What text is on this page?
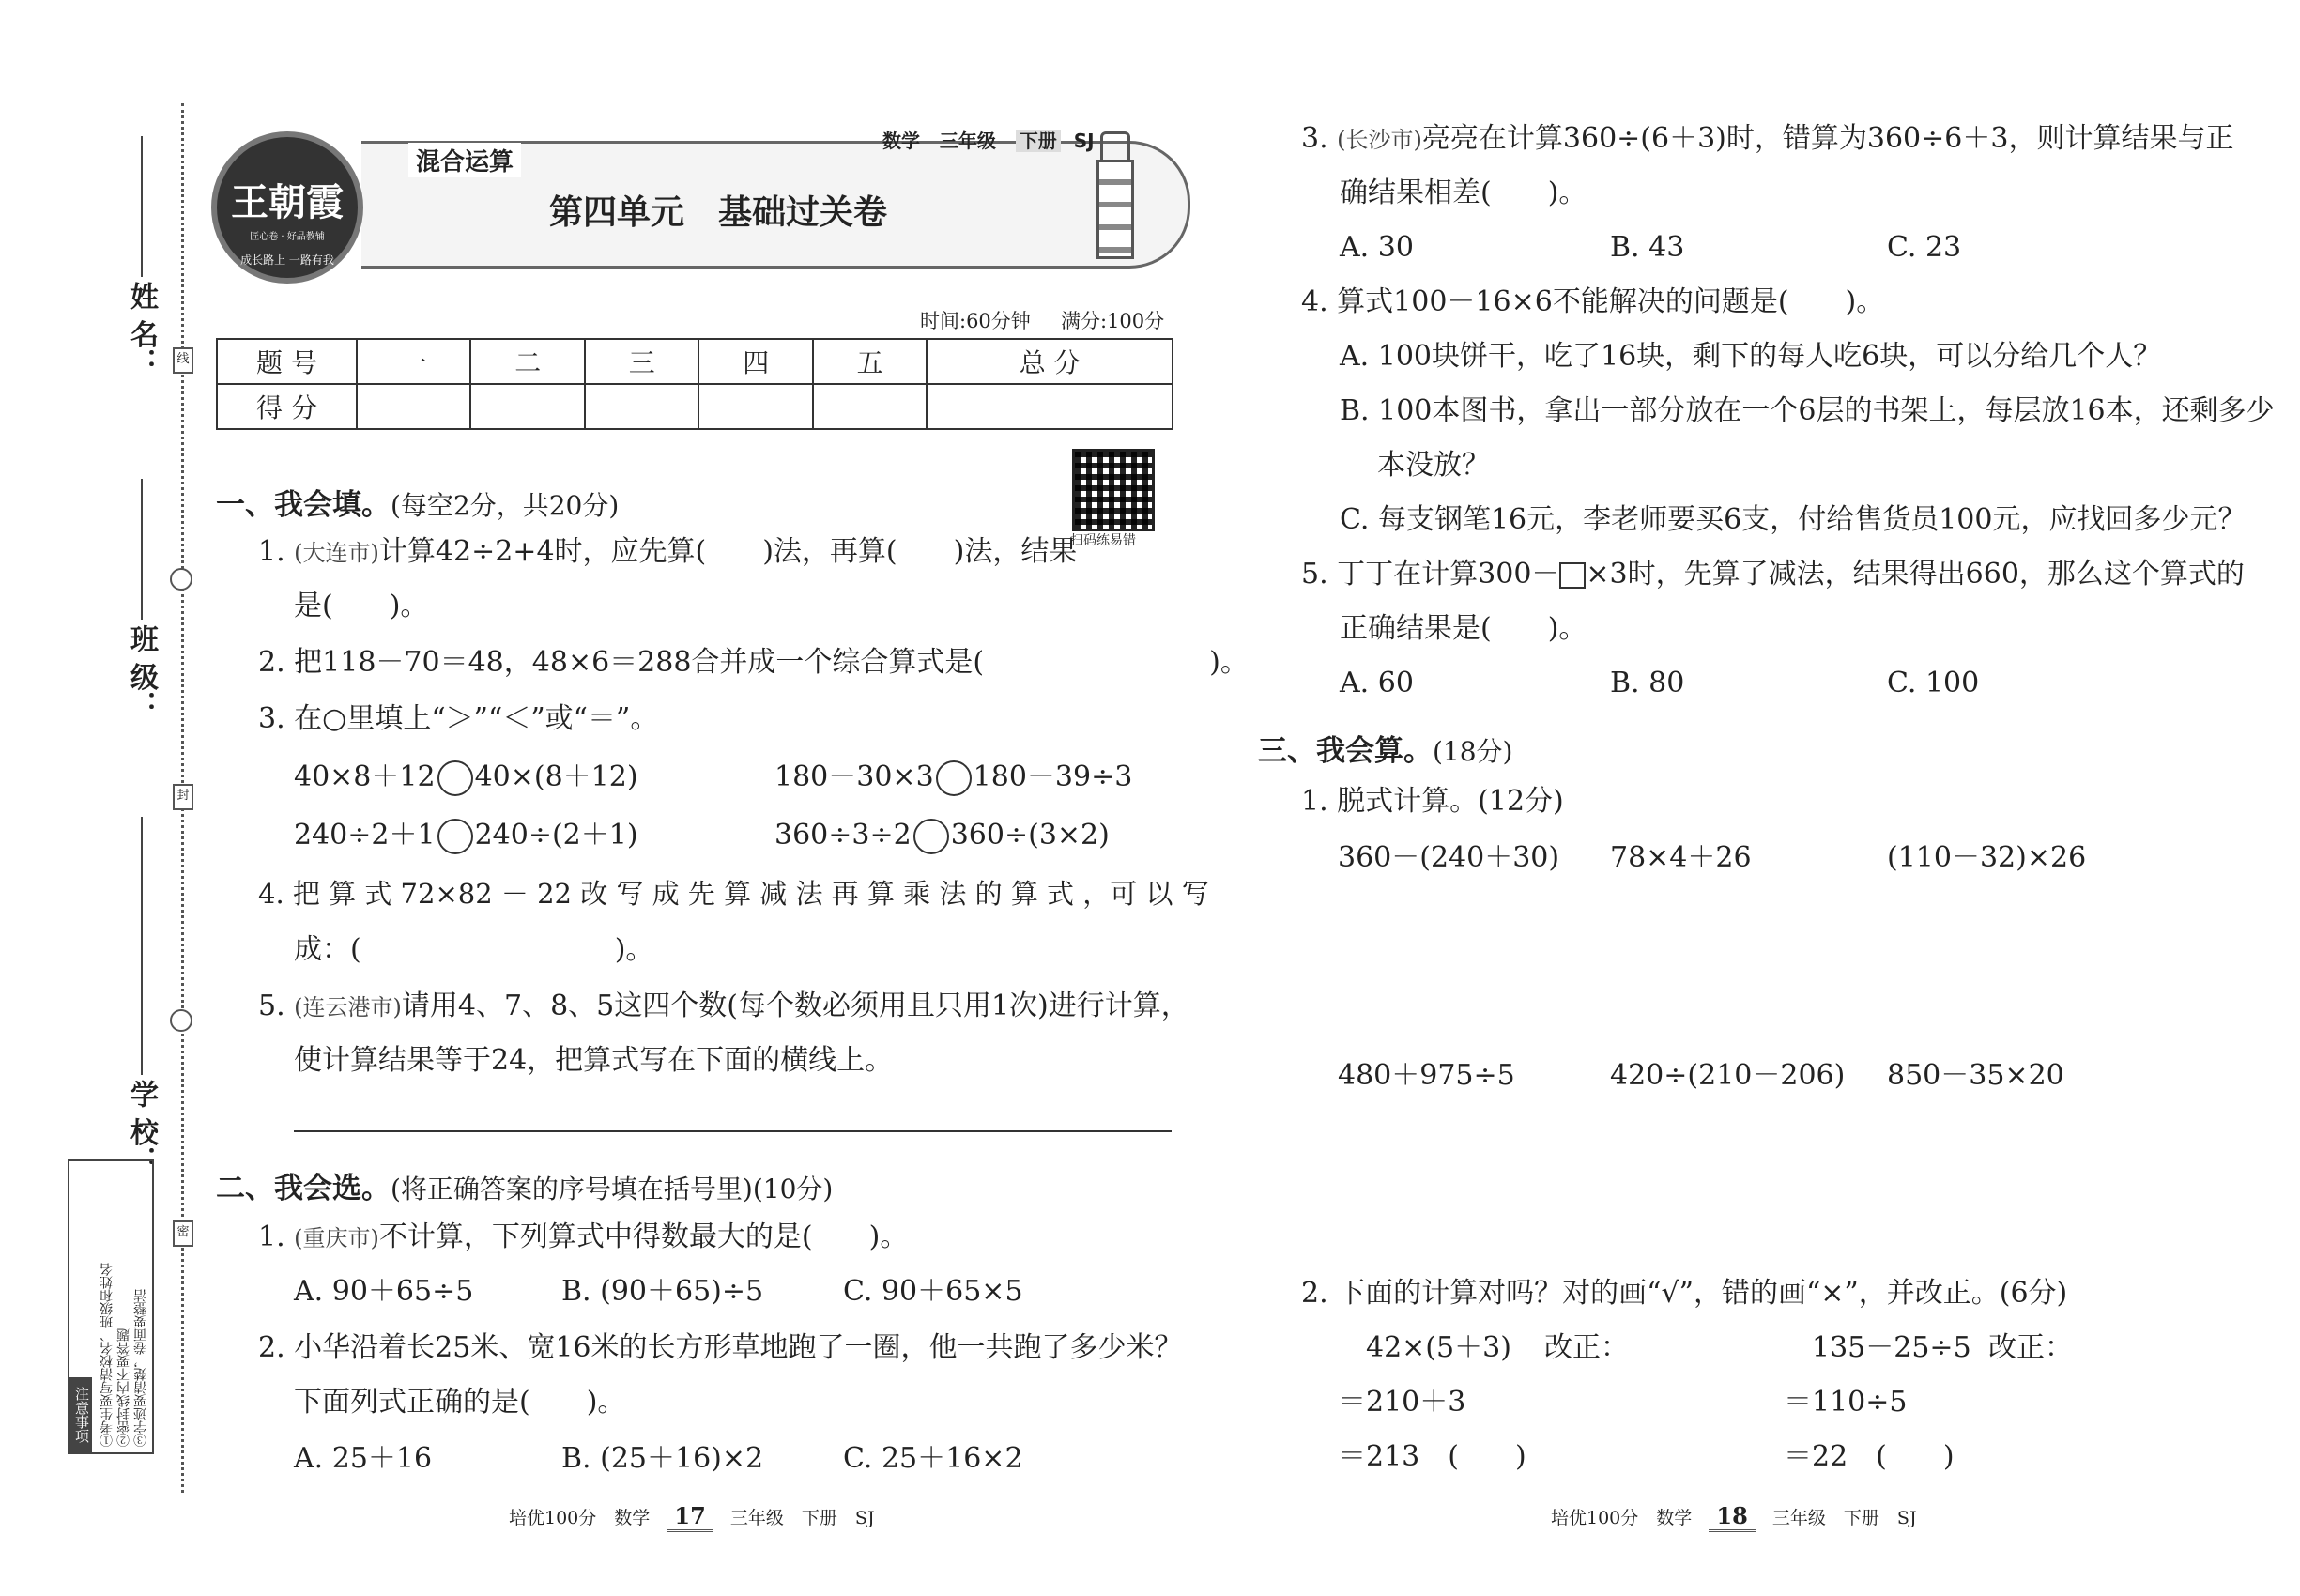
姓 名：
班 级：
学 校：
线
封
密
注意事项 ①考生要写清校名、班级和姓名 ②密封线内不要答题 ③字迹要清楚，卷面要整洁
王朝霞
匠心卷 · 好品教辅
成长路上 一路有我
混合运算
数学 三年级 下册 SJ
第四单元　基础过关卷
时间:60分钟 满分:100分
题 号	一	二	三	四	五	总 分
得 分						
扫码练易错
一、我会填。(每空2分，共20分)
1. (大连市)计算42÷2+4时，应先算(　　)法，再算(　　)法，结果
是(　　)。
2. 把118－70＝48，48×6＝288合并成一个综合算式是(　　　　　　　　)。
3. 在○里填上“＞”“＜”或“＝”。
40×8＋12 40×(8＋12)	180－30×3 180－39÷3
240÷2＋1 240÷(2＋1)	360÷3÷2 360÷(3×2)
4. 把 算 式 72×82 － 22 改 写 成 先 算 减 法 再 算 乘 法 的 算 式 ，可 以 写
成：(　　　　　　　　　)。
5. (连云港市)请用4、7、8、5这四个数(每个数必须用且只用1次)进行计算，
使计算结果等于24，把算式写在下面的横线上。
二、我会选。(将正确答案的序号填在括号里)(10分)
1. (重庆市)不计算，下列算式中得数最大的是(　　)。
A. 90＋65÷5	B. (90＋65)÷5	C. 90＋65×5
2. 小华沿着长25米、宽16米的长方形草地跑了一圈，他一共跑了多少米？
下面列式正确的是(　　)。
A. 25＋16	B. (25＋16)×2	C. 25＋16×2
3. (长沙市)亮亮在计算360÷(6＋3)时，错算为360÷6＋3，则计算结果与正
确结果相差(　　)。
A. 30	B. 43	C. 23
4. 算式100－16×6不能解决的问题是(　　)。
A. 100块饼干，吃了16块，剩下的每人吃6块，可以分给几个人？
B. 100本图书，拿出一部分放在一个6层的书架上，每层放16本，还剩多少
本没放？
C. 每支钢笔16元，李老师要买6支，付给售货员100元，应找回多少元？
5. 丁丁在计算300－ ×3时，先算了减法，结果得出660，那么这个算式的
正确结果是(　　)。
A. 60	B. 80	C. 100
三、我会算。(18分)
1. 脱式计算。(12分)
360－(240＋30) 78×4＋26	(110－32)×26
480＋975÷5	420÷(210－206) 850－35×20
2. 下面的计算对吗？对的画“√”，错的画“×”，并改正。(6分)
42×(5＋3) 改正：
＝210＋3
＝213　(　　)
135－25÷5 改正：
＝110÷5
＝22　(　　)
培优100分　数学 17 三年级　下册　SJ	培优100分　数学 18 三年级　下册　SJ
